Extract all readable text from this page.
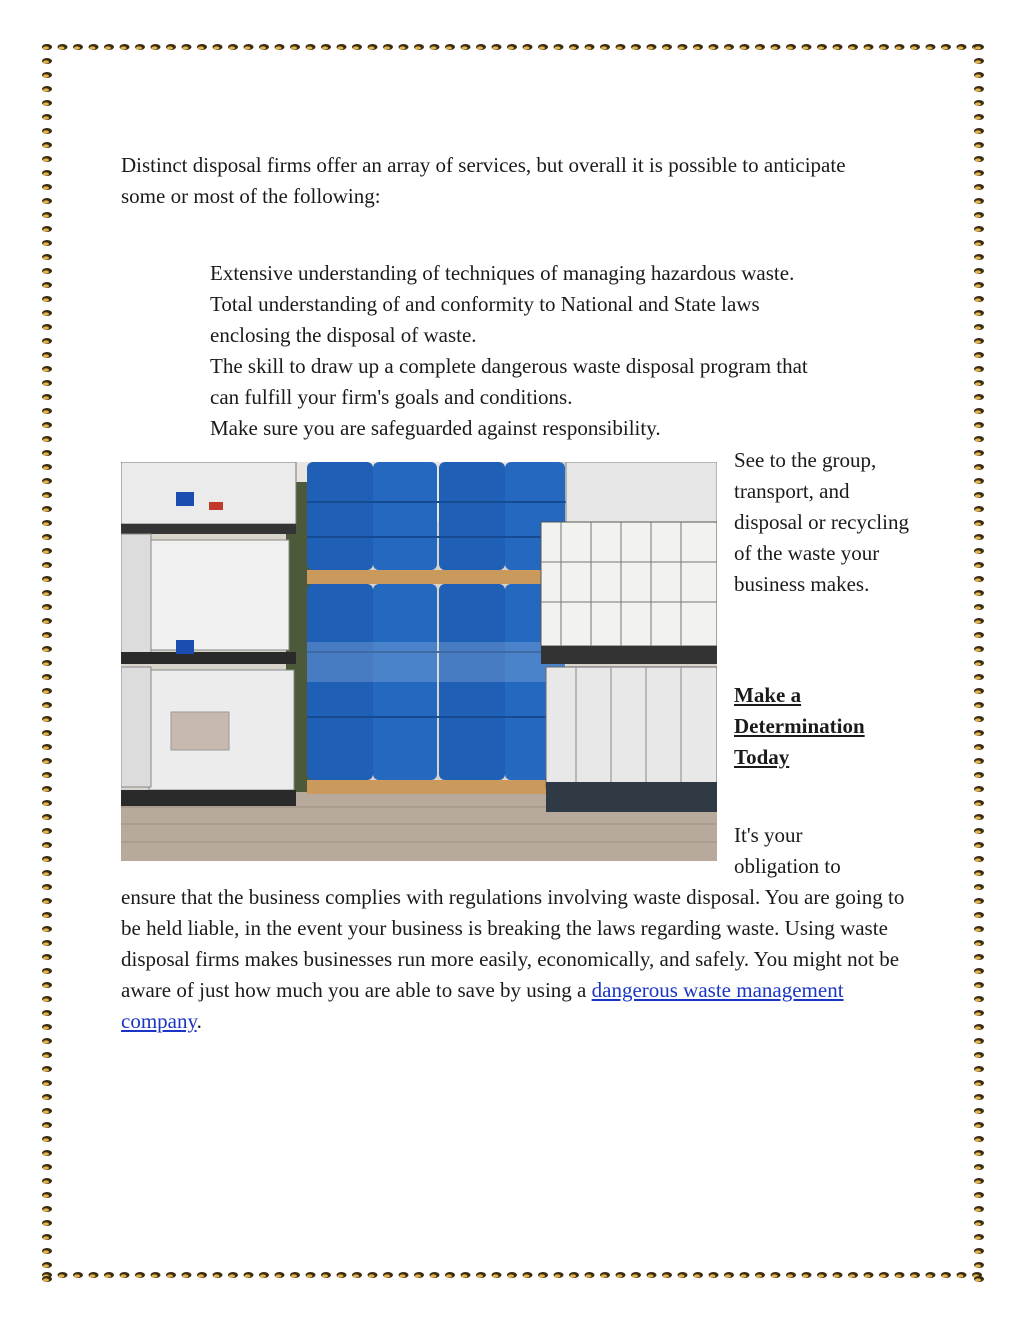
Distinct disposal firms offer an array of services, but overall it is possible to anticipate some or most of the following:
Extensive understanding of techniques of managing hazardous waste.
Total understanding of and conformity to National and State laws
enclosing the disposal of waste.
The skill to draw up a complete dangerous waste disposal program that
can fulfill your firm's goals and conditions.
Make sure you are safeguarded against responsibility.
See to the group, transport, and disposal or recycling of the waste your business makes.
Make a
Determination
Today
It's your
obligation to
ensure that the business complies with regulations involving waste disposal. You are going to be held liable, in the event your business is breaking the laws regarding waste. Using waste disposal firms makes businesses run more easily, economically, and safely. You might not be aware of just how much you are able to save by using a dangerous waste management company.
